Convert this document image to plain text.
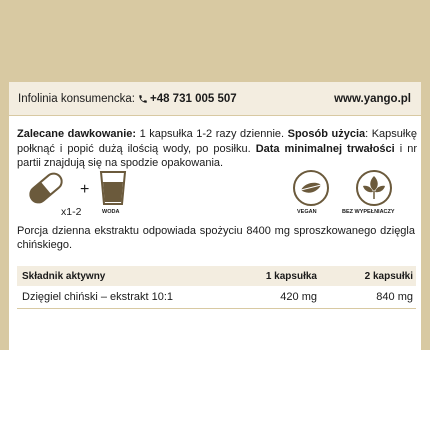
Infolinia konsumencka: +48 731 005 507	www.yango.pl
Zalecane dawkowanie: 1 kapsułka 1-2 razy dziennie. Sposób użycia: Kapsułkę połknąć i popić dużą ilością wody, po posiłku. Data minimalnej trwałości i nr partii znajdują się na spodzie opakowania.
x1-2
+
WODA	VEGAN	BEZ WYPEŁNIACZY
Porcja dzienna ekstraktu odpowiada spożyciu 8400 mg sproszkowanego dzięgla chińskiego.
Składnik aktywny	1 kapsułka	2 kapsułki
Dzięgiel chiński – ekstrakt 10:1	420 mg	840 mg
